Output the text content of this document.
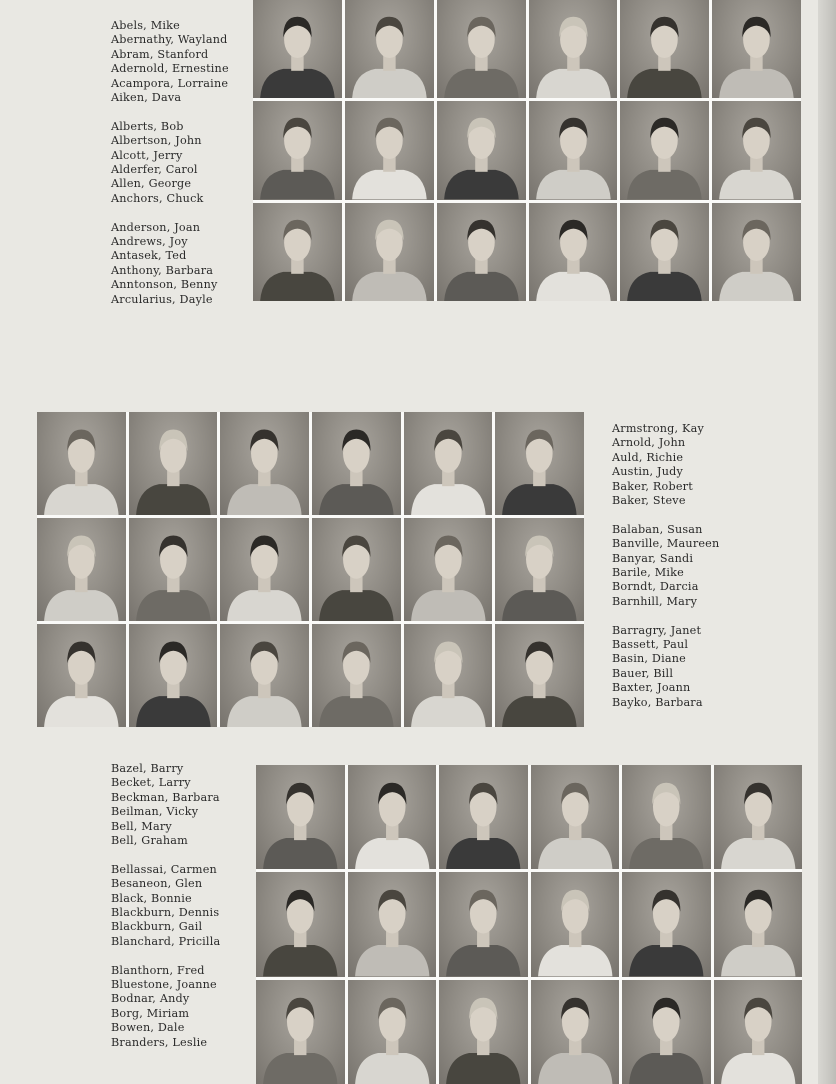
Abels, Mike
Abernathy, Wayland
Abram, Stanford
Adernold, Ernestine
Acampora, Lorraine
Aiken, Dava
Alberts, Bob
Albertson, John
Alcott, Jerry
Alderfer, Carol
Allen, George
Anchors, Chuck
Anderson, Joan
Andrews, Joy
Antasek, Ted
Anthony, Barbara
Anntonson, Benny
Arcularius, Dayle
Armstrong, Kay
Arnold, John
Auld, Richie
Austin, Judy
Baker, Robert
Baker, Steve
Balaban, Susan
Banville, Maureen
Banyar, Sandi
Barile, Mike
Borndt, Darcia
Barnhill, Mary
Barragry, Janet
Bassett, Paul
Basin, Diane
Bauer, Bill
Baxter, Joann
Bayko, Barbara
Bazel, Barry
Becket, Larry
Beckman, Barbara
Beilman, Vicky
Bell, Mary
Bell, Graham
Bellassai, Carmen
Besaneon, Glen
Black, Bonnie
Blackburn, Dennis
Blackburn, Gail
Blanchard, Pricilla
Blanthorn, Fred
Bluestone, Joanne
Bodnar, Andy
Borg, Miriam
Bowen, Dale
Branders, Leslie
